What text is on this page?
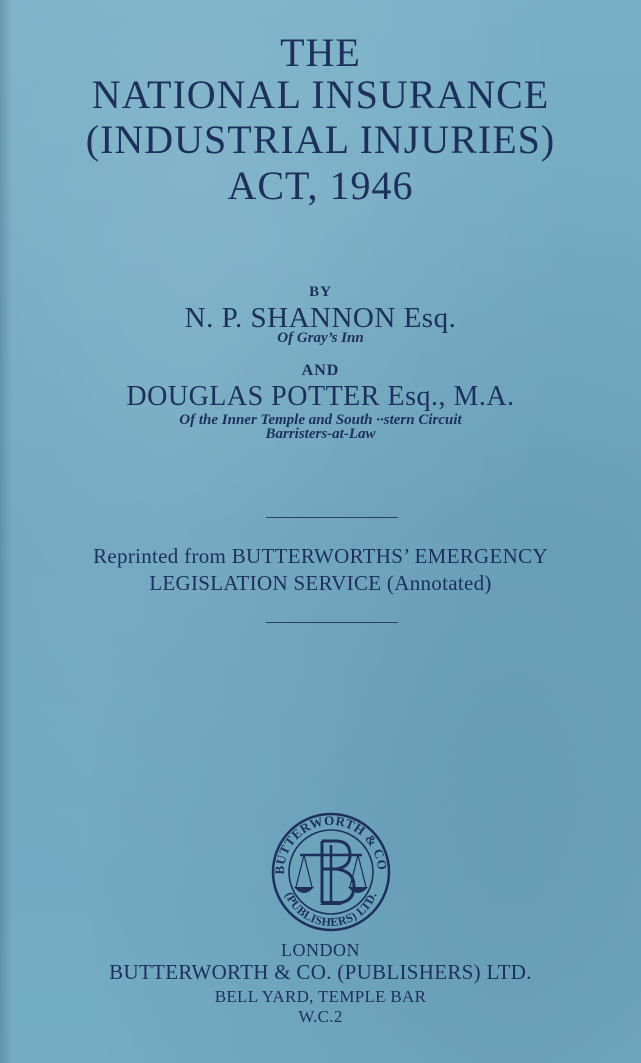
THE
NATIONAL INSURANCE
(INDUSTRIAL INJURIES)
ACT, 1946
BY
N. P. SHANNON Esq.
Of Gray’s Inn
AND
DOUGLAS POTTER Esq., M.A.
Of the Inner Temple and South ··stern Circuit
Barristers-at-Law
Reprinted from BUTTERWORTHS’ EMERGENCY
LEGISLATION SERVICE (Annotated)
BUTTERWORTH & CO
(PUBLISHERS) LTD.
LONDON
BUTTERWORTH & CO. (PUBLISHERS) LTD.
BELL YARD, TEMPLE BAR
W.C.2
